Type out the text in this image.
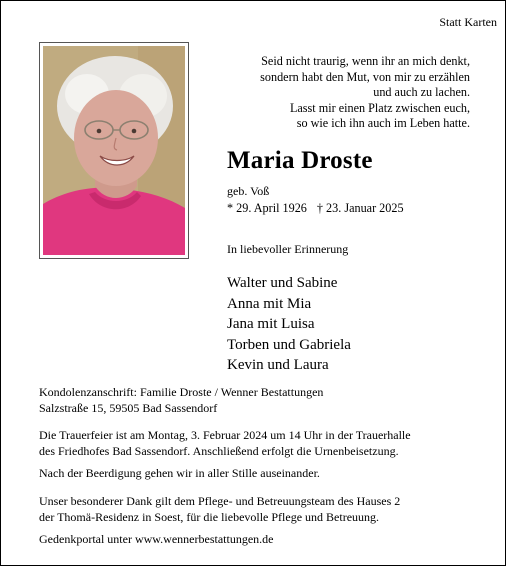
Statt Karten
Seid nicht traurig, wenn ihr an mich denkt,
sondern habt den Mut, von mir zu erzählen
und auch zu lachen.
Lasst mir einen Platz zwischen euch,
so wie ich ihn auch im Leben hatte.
Maria Droste
geb. Voß
* 29. April 1926 † 23. Januar 2025
In liebevoller Erinnerung
Walter und Sabine
Anna mit Mia
Jana mit Luisa
Torben und Gabriela
Kevin und Laura
Kondolenzanschrift: Familie Droste / Wenner Bestattungen
Salzstraße 15, 59505 Bad Sassendorf
Die Trauerfeier ist am Montag, 3. Februar 2024 um 14 Uhr in der Trauerhalle
des Friedhofes Bad Sassendorf. Anschließend erfolgt die Urnenbeisetzung.
Nach der Beerdigung gehen wir in aller Stille auseinander.
Unser besonderer Dank gilt dem Pflege- und Betreuungsteam des Hauses 2
der Thomä-Residenz in Soest, für die liebevolle Pflege und Betreuung.
Gedenkportal unter www.wennerbestattungen.de
